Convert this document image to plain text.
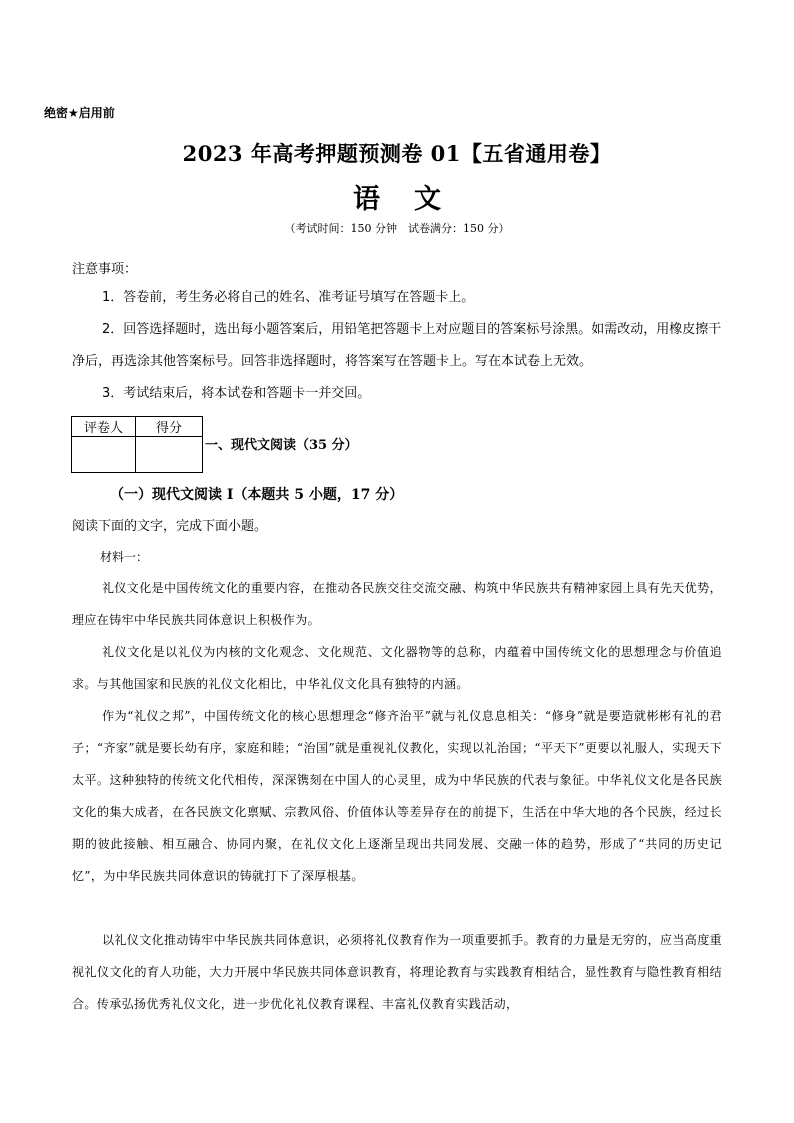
绝密★启用前
2023 年高考押题预测卷 01【五省通用卷】
语 文
（考试时间：150 分钟　试卷满分：150 分）
注意事项：
1．答卷前，考生务必将自己的姓名、准考证号填写在答题卡上。
2．回答选择题时，选出每小题答案后，用铅笔把答题卡上对应题目的答案标号涂黑。如需改动，用橡皮擦干净后，再选涂其他答案标号。回答非选择题时，将答案写在答题卡上。写在本试卷上无效。
3．考试结束后，将本试卷和答题卡一并交回。
评卷人	得分

一、现代文阅读（35 分）
（一）现代文阅读 I（本题共 5 小题，17 分）
阅读下面的文字，完成下面小题。
材料一：
礼仪文化是中国传统文化的重要内容，在推动各民族交往交流交融、构筑中华民族共有精神家园上具有先天优势，理应在铸牢中华民族共同体意识上积极作为。
礼仪文化是以礼仪为内核的文化观念、文化规范、文化器物等的总称，内蕴着中国传统文化的思想理念与价值追求。与其他国家和民族的礼仪文化相比，中华礼仪文化具有独特的内涵。
作为“礼仪之邦”，中国传统文化的核心思想理念“修齐治平”就与礼仪息息相关：“修身”就是要造就彬彬有礼的君子；“齐家”就是要长幼有序，家庭和睦；“治国”就是重视礼仪教化，实现以礼治国；“平天下”更要以礼服人，实现天下太平。这种独特的传统文化代相传，深深镌刻在中国人的心灵里，成为中华民族的代表与象征。中华礼仪文化是各民族文化的集大成者，在各民族文化禀赋、宗教风俗、价值体认等差异存在的前提下，生活在中华大地的各个民族，经过长期的彼此接触、相互融合、协同内聚，在礼仪文化上逐渐呈现出共同发展、交融一体的趋势，形成了“共同的历史记忆”，为中华民族共同体意识的铸就打下了深厚根基。
以礼仪文化推动铸牢中华民族共同体意识，必须将礼仪教育作为一项重要抓手。教育的力量是无穷的，应当高度重视礼仪文化的育人功能，大力开展中华民族共同体意识教育，将理论教育与实践教育相结合，显性教育与隐性教育相结合。传承弘扬优秀礼仪文化，进一步优化礼仪教育课程、丰富礼仪教育实践活动，
